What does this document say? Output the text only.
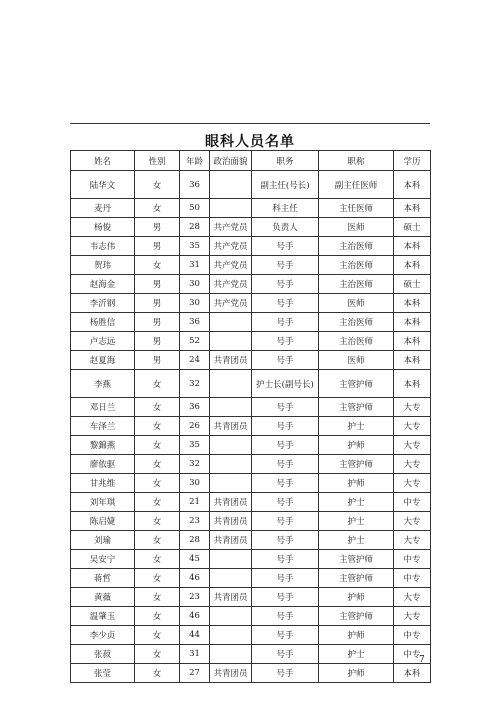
眼科人员名单
姓名	性别	年龄	政治面貌	职务	职称	学历
陆华文	女	36		副主任(号长)	副主任医师	本科
麦丹	女	50		科主任	主任医师	本科
杨俊	男	28	共产党员	负责人	医师	硕士
韦志伟	男	35	共产党员	号手	主治医师	本科
贺玮	女	31	共产党员	号手	主治医师	本科
赵海金	男	30	共产党员	号手	主治医师	硕士
李沂钢	男	30	共产党员	号手	医师	本科
杨胜信	男	36		号手	主治医师	本科
卢志远	男	52		号手	主治医师	本科
赵夏海	男	24	共青团员	号手	医师	本科
李燕	女	32		护士长(副号长)	主管护师	本科
邓日兰	女	36		号手	主管护师	大专
车泽兰	女	26	共青团员	号手	护士	大专
黎錦燕	女	35		号手	护师	大专
廖依驱	女	32		号手	主管护师	大专
甘兆维	女	30		号手	护师	大专
刘年琪	女	21	共青团员	号手	护士	中专
陈启婕	女	23	共青团员	号手	护士	大专
刘瑜	女	28	共青团员	号手	护士	大专
吴安宁	女	45		号手	主管护师	中专
蒋哲	女	46		号手	主管护师	中专
黄薇	女	23	共青团员	号手	护师	大专
温肇玉	女	46		号手	主管护师	大专
李少贞	女	44		号手	护师	中专
张菽	女	31		号手	护士	中专
张莹	女	27	共青团员	号手	护师	本科
7
